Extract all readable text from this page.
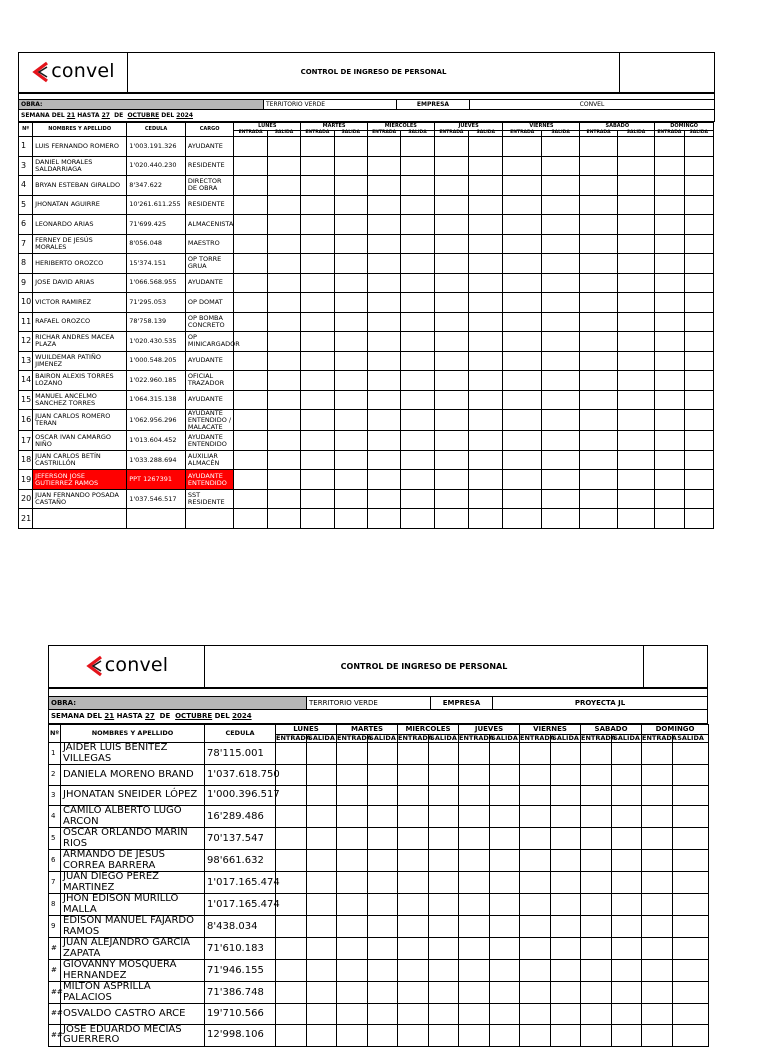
convel	CONTROL DE INGRESO DE PERSONAL	

OBRA:	TERRITORIO VERDE	EMPRESA	CONVEL
SEMANA DEL 21 HASTA 27 DE OCTUBRE DEL 2024
Nº	NOMBRES Y APELLIDO	CEDULA	CARGO	LUNES		MARTES		MIERCOLES		JUEVES		VIERNES		SABADO		DOMINGO	
				ENTRADA	SALIDA	ENTRADA	SALIDA	ENTRADA	SALIDA	ENTRADA	SALIDA	ENTRADA	SALIDA	ENTRADA	SALIDA	ENTRADA	SALIDA
1	LUIS FERNANDO ROMERO	1'003.191.326	AYUDANTE														
3	DANIEL MORALES SALDARRIAGA	1'020.440.230	RESIDENTE														
4	BRYAN ESTEBAN GIRALDO	8'347.622	DIRECTOR DE OBRA														
5	JHONATAN AGUIRRE	10'261.611.255	RESIDENTE														
6	LEONARDO ARIAS	71'699.425	ALMACENISTA														
7	FERNEY DE JESÚS MORALES	8'056.048	MAESTRO														
8	HERIBERTO OROZCO	15'374.151	OP TORRE GRUA														
9	JOSE DAVID ARIAS	1'066.568.955	AYUDANTE														
10	VICTOR RAMIREZ	71'295.053	OP DOMAT														
11	RAFAEL OROZCO	78'758.139	OP BOMBA CONCRETO														
12	RICHAR ANDRES MACEA PLAZA	1'020.430.535	OP MINICARGADOR														
13	WUILDEMAR PATIÑO JIMENEZ	1'000.548.205	AYUDANTE														
14	BAIRON ALEXIS TORRES LOZANO	1'022.960.185	OFICIAL TRAZADOR														
15	MANUEL ANCELMO SANCHEZ TORRES	1'064.315.138	AYUDANTE														
16	JUAN CARLOS ROMERO TERAN	1'062.956.296	AYUDANTE ENTENDIDO / MALACATE														
17	OSCAR IVAN CAMARGO NIÑO	1'013.604.452	AYUDANTE ENTENDIDO														
18	JUAN CARLOS BETÍN CASTRILLÓN	1'033.288.694	AUXILIAR ALMACÉN														
19	JEFERSON JOSE GUTIERREZ RAMOS	PPT 1267391	AYUDANTE ENTENDIDO														
20	JUAN FERNANDO POSADA CASTAÑO	1'037.546.517	SST RESIDENTE														
21																	
convel	CONTROL DE INGRESO DE PERSONAL	

OBRA:	TERRITORIO VERDE	EMPRESA	PROYECTA JL
SEMANA DEL 21 HASTA 27 DE OCTUBRE DEL 2024
Nº	NOMBRES Y APELLIDO	CEDULA	LUNES		MARTES		MIERCOLES		JUEVES		VIERNES		SABADO		DOMINGO	
			ENTRADA	SALIDA	ENTRADA	SALIDA	ENTRADA	SALIDA	ENTRADA	SALIDA	ENTRADA	SALIDA	ENTRADA	SALIDA	ENTRADA	SALIDA
1	JAIDER LUIS BENITEZ VILLEGAS	78'115.001														
2	DANIELA MORENO BRAND	1'037.618.750														
3	JHONATAN SNEIDER LÓPEZ	1'000.396.517														
4	CAMILO ALBERTO LUGO ARCON	16'289.486														
5	OSCAR ORLANDO MARIN RIOS	70'137.547														
6	ARMANDO DE JESUS CORREA BARRERA	98'661.632														
7	JUAN DIEGO PEREZ MARTINEZ	1'017.165.474														
8	JHON EDISON MURILLO MALLA	1'017.165.474														
9	EDISON MANUEL FAJARDO RAMOS	8'438.034														
#	JUAN ALEJANDRO GARCIA ZAPATA	71'610.183														
#	GIOVANNY MOSQUERA HERNANDEZ	71'946.155														
##	MILTON ASPRILLA PALACIOS	71'386.748														
##	OSVALDO CASTRO ARCE	19'710.566														
##	JOSE EDUARDO MECIAS GUERRERO	12'998.106														
